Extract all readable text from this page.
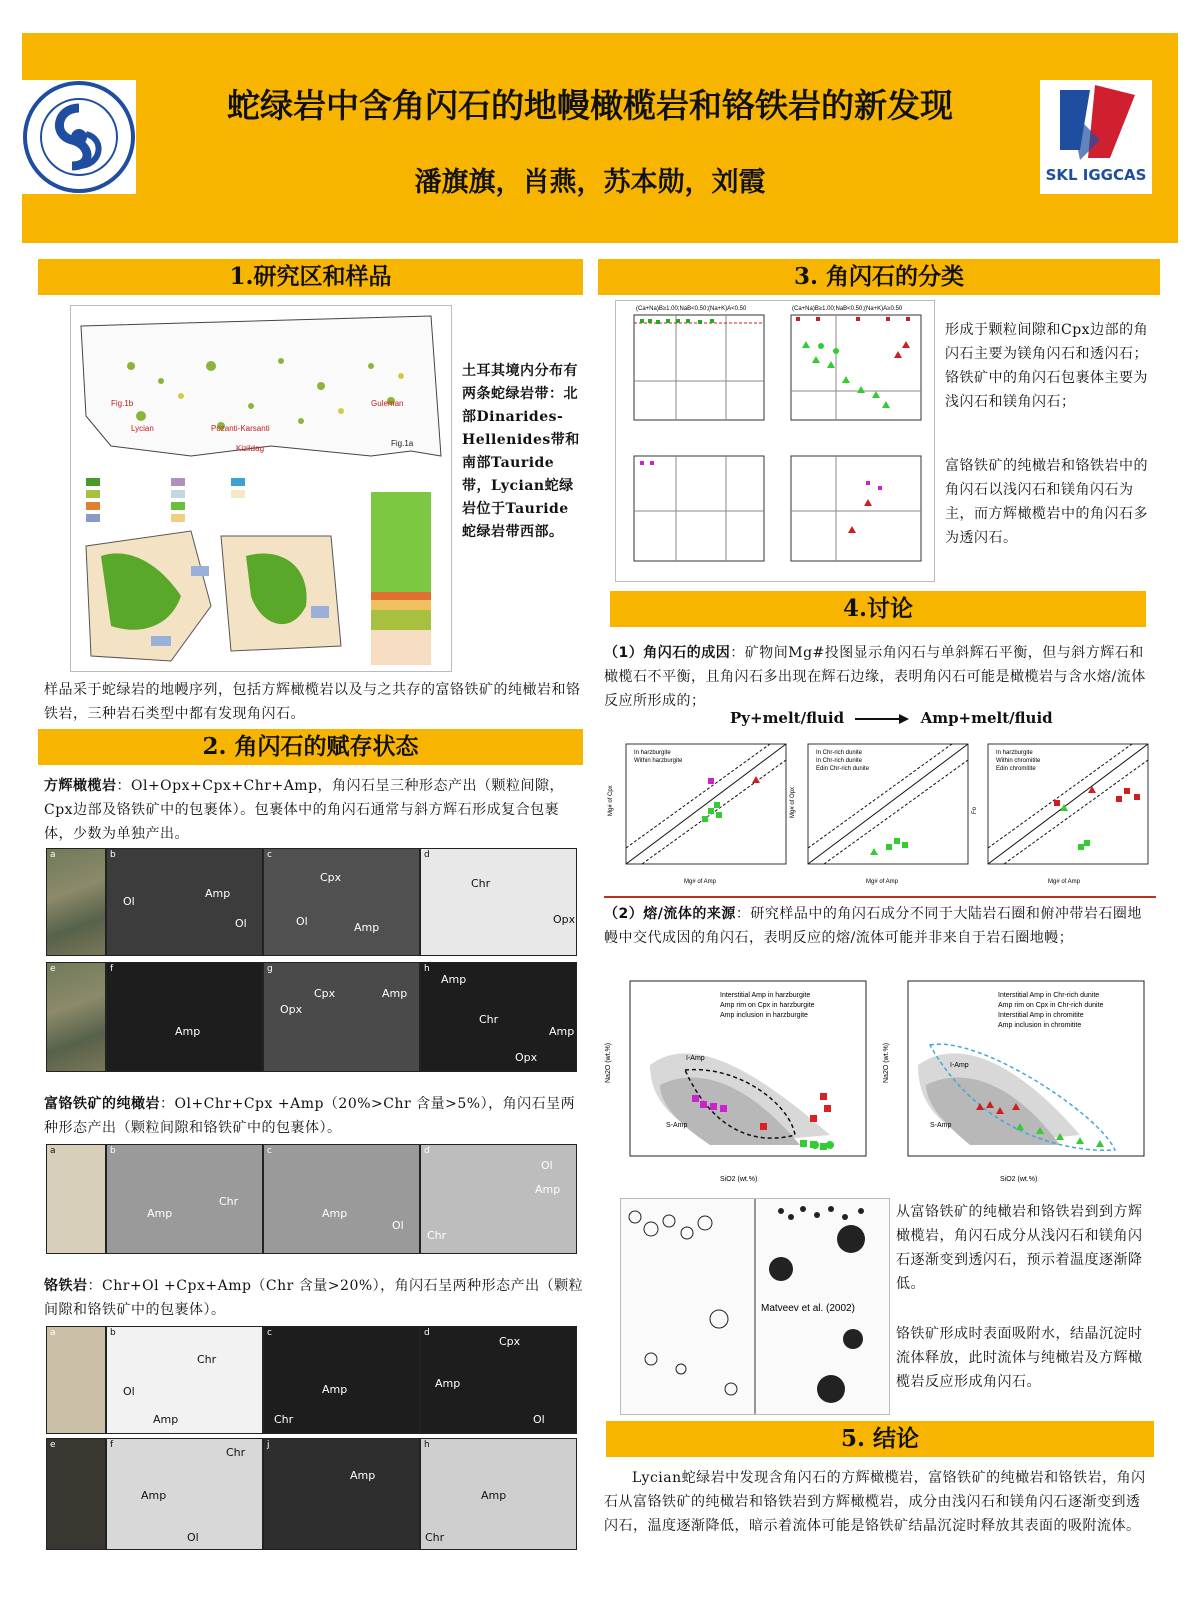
蛇绿岩中含角闪石的地幔橄榄岩和铬铁岩的新发现
潘旗旗，肖燕，苏本勋，刘霞	SKL IGGCAS
1.研究区和样品
Fig.1b
Lycian
Guleman
Pozanti-Karsanti
Kizildag
Fig.1a
土耳其境内分布有两条蛇绿岩带：北部Dinarides-Hellenides带和南部Tauride带，Lycian蛇绿岩位于Tauride蛇绿岩带西部。
样品采于蛇绿岩的地幔序列，包括方辉橄榄岩以及与之共存的富铬铁矿的纯橄岩和铬铁岩，三种岩石类型中都有发现角闪石。
2. 角闪石的赋存状态
方辉橄榄岩：Ol+Opx+Cpx+Chr+Amp，角闪石呈三种形态产出（颗粒间隙，Cpx边部及铬铁矿中的包裹体）。包裹体中的角闪石通常与斜方辉石形成复合包裹体，少数为单独产出。
a	b
Amp
Ol
Ol
c
Cpx
Ol	Amp
d
Chr
Opx
e	f
Amp
g
Cpx	Amp
Opx
h
Amp
Chr
Amp
Opx
富铬铁矿的纯橄岩：Ol+Chr+Cpx +Amp（20%>Chr 含量>5%），角闪石呈两种形态产出（颗粒间隙和铬铁矿中的包裹体）。
a	b
Amp
Chr
c
Amp
Ol
d
Ol
Amp
Chr
铬铁岩：Chr+Ol +Cpx+Amp（Chr 含量>20%），角闪石呈两种形态产出（颗粒间隙和铬铁矿中的包裹体）。
a	b
Chr
Ol
Amp
c
Amp
Chr
d
Cpx
Amp
Ol
e	f
Amp
Ol
j
Amp
h
Amp
Chr
Chr
3. 角闪石的分类
(Ca+Na)B≥1.00;NaB<0.50;(Na+K)A<0.50	(Ca+Na)B≥1.00;NaB<0.50;(Na+K)A≥0.50
形成于颗粒间隙和Cpx边部的角闪石主要为镁角闪石和透闪石；铬铁矿中的角闪石包裹体主要为浅闪石和镁角闪石；
富铬铁矿的纯橄岩和铬铁岩中的角闪石以浅闪石和镁角闪石为主，而方辉橄榄岩中的角闪石多为透闪石。
4.讨论
（1）角闪石的成因：矿物间Mg#投图显示角闪石与单斜辉石平衡，但与斜方辉石和橄榄石不平衡，且角闪石多出现在辉石边缘，表明角闪石可能是橄榄岩与含水熔/流体反应所形成的；
Py+melt/fluid	Amp+melt/fluid
Mg# of Amp
In harzburgite
Within harzburgite
Mg# of Cpx
Mg# of Amp
In Chr-rich dunite
In Chr-rich dunite
Edin Chr-rich dunite
Mg# of Opx
Mg# of Amp
In harzburgite
Within chromitite
Edin chromitite
Fo
（2）熔/流体的来源：研究样品中的角闪石成分不同于大陆岩石圈和俯冲带岩石圈地幔中交代成因的角闪石，表明反应的熔/流体可能并非来自于岩石圈地幔；
SiO2 (wt.%)
Na2O (wt.%)
Interstitial Amp in harzburgite
Amp rim on Cpx in harzburgite
Amp inclusion in harzburgite
I-Amp
S-Amp
SiO2 (wt.%)
Na2O (wt.%)
Interstitial Amp in Chr-rich dunite
Amp rim on Cpx in Chr-rich dunite
Interstitial Amp in chromitite
Amp inclusion in chromitite
I-Amp
S-Amp
Matveev et al. (2002)
从富铬铁矿的纯橄岩和铬铁岩到到方辉橄榄岩，角闪石成分从浅闪石和镁角闪石逐渐变到透闪石，预示着温度逐渐降低。
铬铁矿形成时表面吸附水，结晶沉淀时流体释放，此时流体与纯橄岩及方辉橄榄岩反应形成角闪石。
5. 结论
Lycian蛇绿岩中发现含角闪石的方辉橄榄岩，富铬铁矿的纯橄岩和铬铁岩，角闪石从富铬铁矿的纯橄岩和铬铁岩到方辉橄榄岩，成分由浅闪石和镁角闪石逐渐变到透闪石，温度逐渐降低，暗示着流体可能是铬铁矿结晶沉淀时释放其表面的吸附流体。
